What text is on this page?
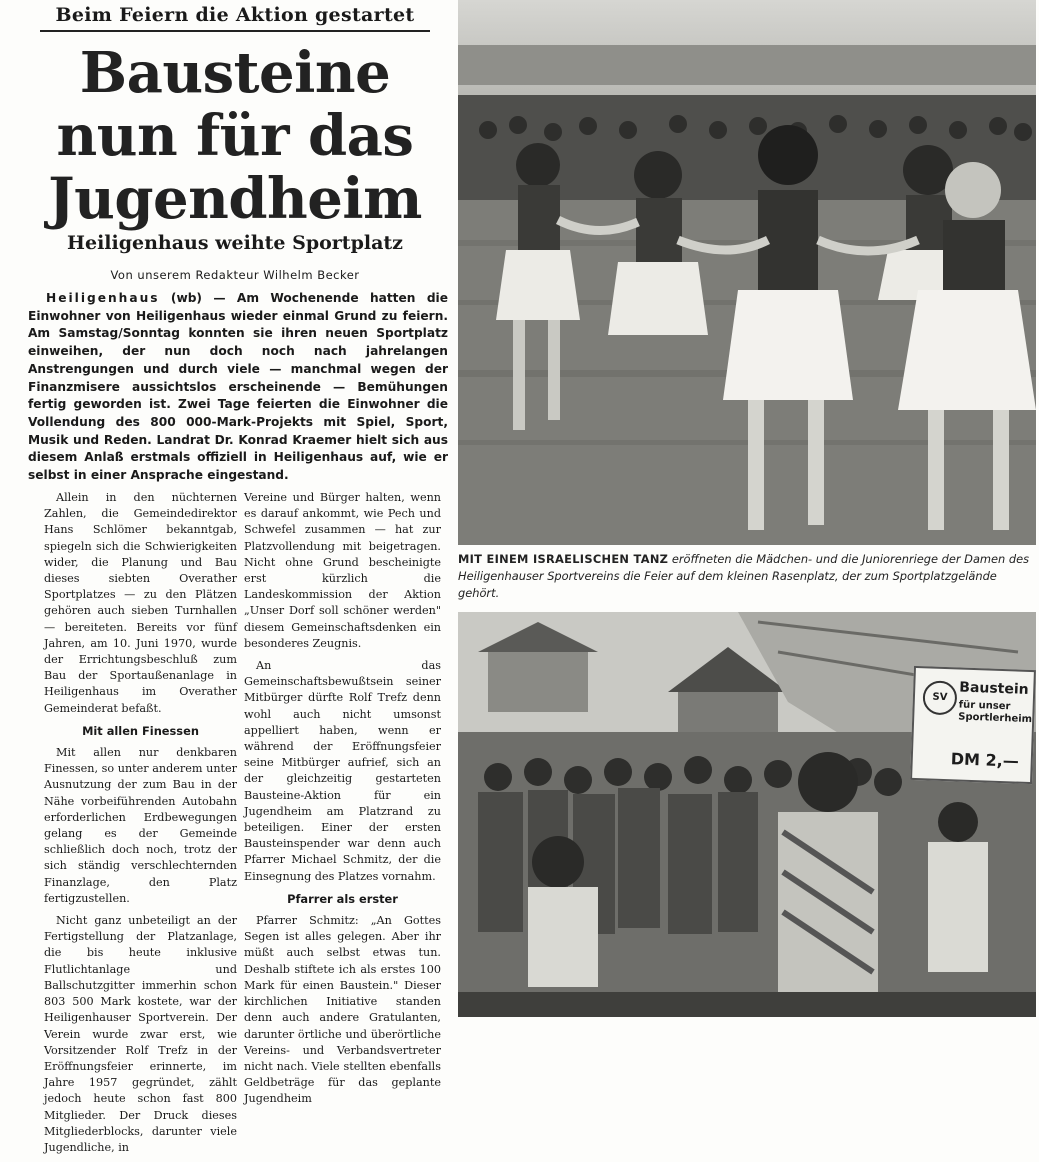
Beim Feiern die Aktion gestartet
Bausteine nun für das Jugendheim
Heiligenhaus weihte Sportplatz
Von unserem Redakteur Wilhelm Becker
Heiligenhaus (wb) — Am Wochenende hatten die Einwohner von Heiligenhaus wieder einmal Grund zu feiern. Am Samstag/Sonntag konnten sie ihren neuen Sportplatz einweihen, der nun doch noch nach jahrelangen Anstrengungen und durch viele — manchmal wegen der Finanzmisere aussichtslos erscheinende — Bemühungen fertig geworden ist. Zwei Tage feierten die Einwohner die Vollendung des 800 000-Mark-Projekts mit Spiel, Sport, Musik und Reden. Landrat Dr. Konrad Kraemer hielt sich aus diesem Anlaß erstmals offiziell in Heiligenhaus auf, wie er selbst in einer Ansprache eingestand.

Allein in den nüchternen Zahlen, die Gemeindedirektor Hans Schlömer bekanntgab, spiegeln sich die Schwierigkeiten wider, die Planung und Bau dieses siebten Overather Sportplatzes — zu den Plätzen gehören auch sieben Turnhallen — bereiteten. Bereits vor fünf Jahren, am 10. Juni 1970, wurde der Errichtungsbeschluß zum Bau der Sportaußenanlage in Heiligenhaus im Overather Gemeinderat befaßt.

Mit allen Finessen

Mit allen nur denkbaren Finessen, so unter anderem unter Ausnutzung der zum Bau in der Nähe vorbeiführenden Autobahn erforderlichen Erdbewegungen gelang es der Gemeinde schließlich doch noch, trotz der sich ständig verschlechternden Finanzlage, den Platz fertigzustellen.

Nicht ganz unbeteiligt an der Fertigstellung der Platzanlage, die bis heute inklusive Flutlichtanlage und Ballschutzgitter immerhin schon 803 500 Mark kostete, war der Heiligenhauser Sportverein. Der Verein wurde zwar erst, wie Vorsitzender Rolf Trefz in der Eröffnungsfeier erinnerte, im Jahre 1957 gegründet, zählt jedoch heute schon fast 800 Mitglieder. Der Druck dieses Mitgliederblocks, darunter viele Jugendliche, in

Vereine und Bürger halten, wenn es darauf ankommt, wie Pech und Schwefel zusammen — hat zur Platzvollendung mit beigetragen. Nicht ohne Grund bescheinigte erst kürzlich die Landeskommission der Aktion „Unser Dorf soll schöner werden" diesem Gemeinschaftsdenken ein besonderes Zeugnis.

An das Gemeinschaftsbewußtsein seiner Mitbürger dürfte Rolf Trefz denn wohl auch nicht umsonst appelliert haben, wenn er während der Eröffnungsfeier seine Mitbürger aufrief, sich an der gleichzeitig gestarteten Bausteine-Aktion für ein Jugendheim am Platzrand zu beteiligen. Einer der ersten Bausteinspender war denn auch Pfarrer Michael Schmitz, der die Einsegnung des Platzes vornahm.

Pfarrer als erster

Pfarrer Schmitz: „An Gottes Segen ist alles gelegen. Aber ihr müßt auch selbst etwas tun. Deshalb stiftete ich als erstes 100 Mark für einen Baustein." Dieser kirchlichen Initiative standen denn auch andere Gratulanten, darunter örtliche und überörtliche Vereins- und Verbandsvertreter nicht nach. Viele stellten ebenfalls Geldbeträge für das geplante Jugendheim

MIT EINEM ISRAELISCHEN TANZ eröffneten die Mädchen- und die Juniorenriege der Damen des Heiligenhauser Sportvereins die Feier auf dem kleinen Rasenplatz, der zum Sportplatzgelände gehört.
SV Baustein
für unser Sportlerheim
DM 2,—
